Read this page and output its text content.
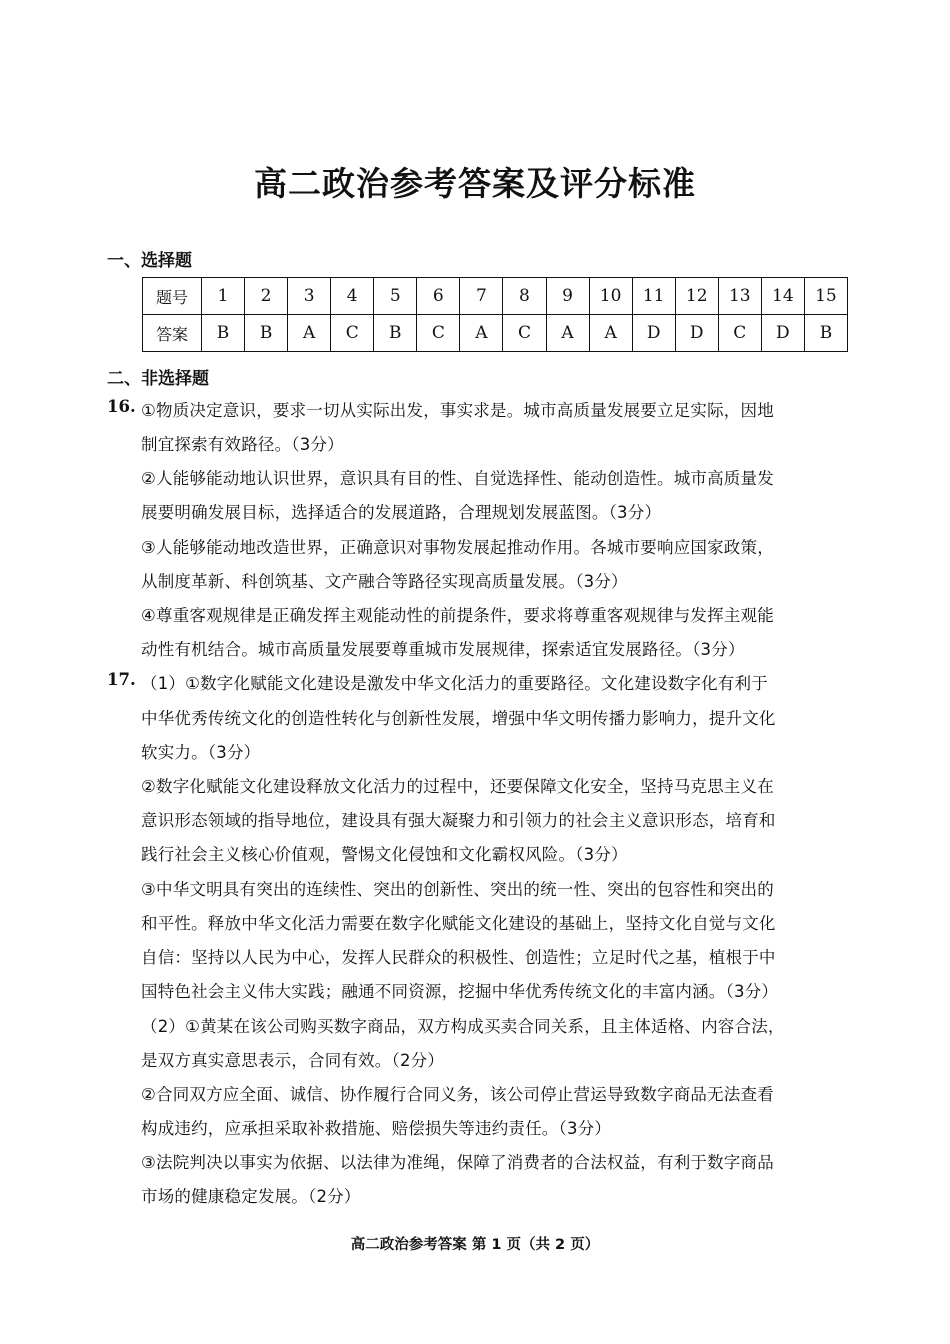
高二政治参考答案及评分标准
一、选择题
题号	1	2	3	4	5	6	7	8	9	10	11	12	13	14	15
答案	B	B	A	C	B	C	A	C	A	A	D	D	C	D	B
二、非选择题
16. ①物质决定意识，要求一切从实际出发，事实求是。城市高质量发展要立足实际，因地
制宜探索有效路径。（3分）
②人能够能动地认识世界，意识具有目的性、自觉选择性、能动创造性。城市高质量发
展要明确发展目标，选择适合的发展道路，合理规划发展蓝图。（3分）
③人能够能动地改造世界，正确意识对事物发展起推动作用。各城市要响应国家政策，
从制度革新、科创筑基、文产融合等路径实现高质量发展。（3分）
④尊重客观规律是正确发挥主观能动性的前提条件，要求将尊重客观规律与发挥主观能
动性有机结合。城市高质量发展要尊重城市发展规律，探索适宜发展路径。（3分）
17. （1）①数字化赋能文化建设是激发中华文化活力的重要路径。文化建设数字化有利于
中华优秀传统文化的创造性转化与创新性发展，增强中华文明传播力影响力，提升文化
软实力。（3分）
②数字化赋能文化建设释放文化活力的过程中，还要保障文化安全，坚持马克思主义在
意识形态领域的指导地位，建设具有强大凝聚力和引领力的社会主义意识形态，培育和
践行社会主义核心价值观，警惕文化侵蚀和文化霸权风险。（3分）
③中华文明具有突出的连续性、突出的创新性、突出的统一性、突出的包容性和突出的
和平性。释放中华文化活力需要在数字化赋能文化建设的基础上，坚持文化自觉与文化
自信：坚持以人民为中心，发挥人民群众的积极性、创造性；立足时代之基，植根于中
国特色社会主义伟大实践；融通不同资源，挖掘中华优秀传统文化的丰富内涵。（3分）
（2）①黄某在该公司购买数字商品，双方构成买卖合同关系，且主体适格、内容合法，
是双方真实意思表示，合同有效。（2分）
②合同双方应全面、诚信、协作履行合同义务，该公司停止营运导致数字商品无法查看
构成违约，应承担采取补救措施、赔偿损失等违约责任。（3分）
③法院判决以事实为依据、以法律为准绳，保障了消费者的合法权益，有利于数字商品
市场的健康稳定发展。（2分）
高二政治参考答案 第 1 页（共 2 页）
